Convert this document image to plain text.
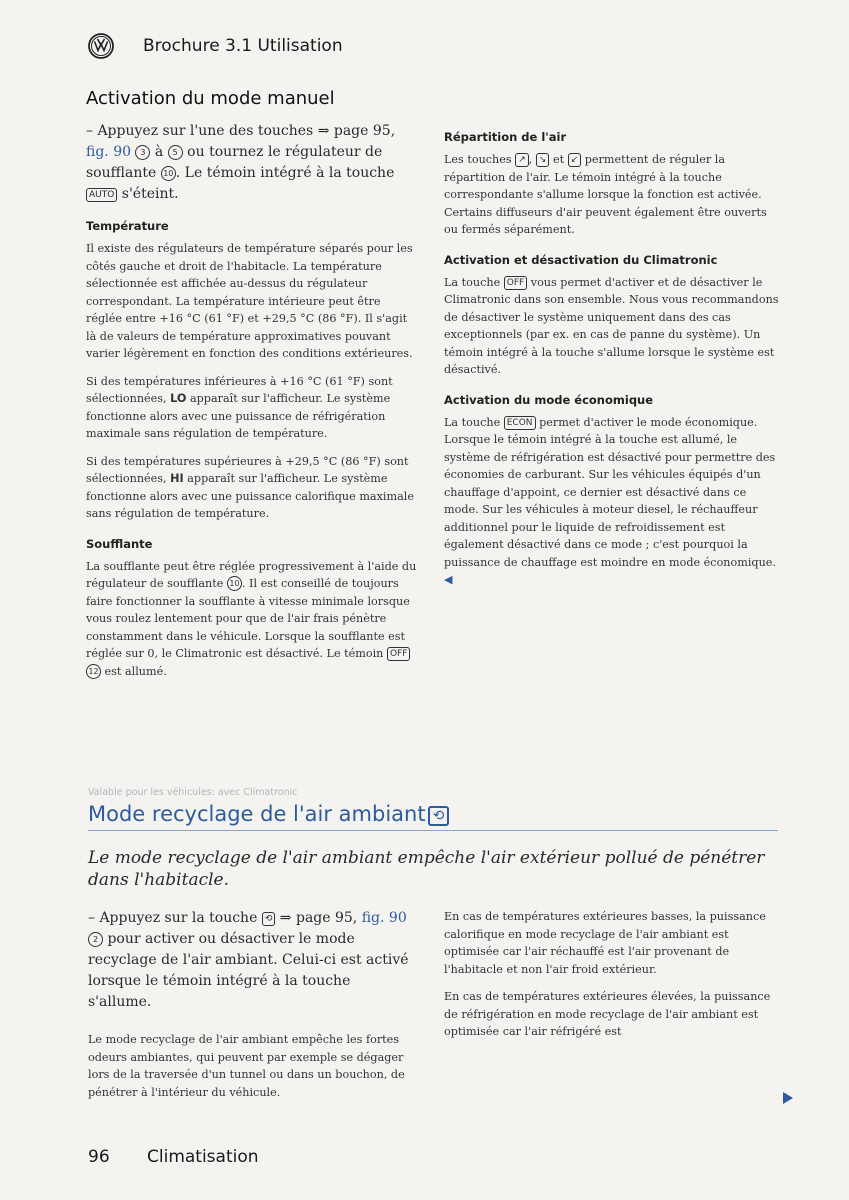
Brochure 3.1 Utilisation
Activation du mode manuel

– Appuyez sur l'une des touches ⇒ page 95, fig. 90 3 à 5 ou tournez le régulateur de soufflante 10 . Le témoin intégré à la touche AUTO s'éteint.

Température

Il existe des régulateurs de température séparés pour les côtés gauche et droit de l'habitacle. La température sélectionnée est affichée au-dessus du régulateur correspondant. La température intérieure peut être réglée entre +16 °C (61 °F) et +29,5 °C (86 °F). Il s'agit là de valeurs de température approximatives pouvant varier légèrement en fonction des conditions extérieures.

Si des températures inférieures à +16 °C (61 °F) sont sélectionnées, LO apparaît sur l'afficheur. Le système fonctionne alors avec une puissance de réfrigération maximale sans régulation de température.

Si des températures supérieures à +29,5 °C (86 °F) sont sélectionnées, HI apparaît sur l'afficheur. Le système fonctionne alors avec une puissance calorifique maximale sans régulation de température.

Soufflante

La soufflante peut être réglée progressivement à l'aide du régulateur de soufflante 10 . Il est conseillé de toujours faire fonctionner la soufflante à vitesse minimale lorsque vous roulez lentement pour que de l'air frais pénètre constamment dans le véhicule. Lorsque la soufflante est réglée sur 0, le Climatronic est désactivé. Le témoin OFF12 est allumé.

Répartition de l'air

Les touches ↗ , ↘ et ↙ permettent de réguler la répartition de l'air. Le témoin intégré à la touche correspondante s'allume lorsque la fonction est activée. Certains diffuseurs d'air peuvent également être ouverts ou fermés séparément.

Activation et désactivation du Climatronic

La touche OFF vous permet d'activer et de désactiver le Climatronic dans son ensemble. Nous vous recommandons de désactiver le système uniquement dans des cas exceptionnels (par ex. en cas de panne du système). Un témoin intégré à la touche s'allume lorsque le système est désactivé.

Activation du mode économique

La touche ECON permet d'activer le mode économique. Lorsque le témoin intégré à la touche est allumé, le système de réfrigération est désactivé pour permettre des économies de carburant. Sur les véhicules équipés d'un chauffage d'appoint, ce dernier est désactivé dans ce mode. Sur les véhicules à moteur diesel, le réchauffeur additionnel pour le liquide de refroidissement est également désactivé dans ce mode ; c'est pourquoi la puissance de chauffage est moindre en mode économique. ◀

Valable pour les véhicules: avec Climatronic
Mode recyclage de l'air ambiant ⟲
Le mode recyclage de l'air ambiant empêche l'air extérieur pollué de pénétrer dans l'habitacle.

– Appuyez sur la touche ⟲ ⇒ page 95, fig. 90 2 pour activer ou désactiver le mode recyclage de l'air ambiant. Celui-ci est activé lorsque le témoin intégré à la touche s'allume.

Le mode recyclage de l'air ambiant empêche les fortes odeurs ambiantes, qui peuvent par exemple se dégager lors de la traversée d'un tunnel ou dans un bouchon, de pénétrer à l'intérieur du véhicule.

En cas de températures extérieures basses, la puissance calorifique en mode recyclage de l'air ambiant est optimisée car l'air réchauffé est l'air provenant de l'habitacle et non l'air froid extérieur.

En cas de températures extérieures élevées, la puissance de réfrigération en mode recyclage de l'air ambiant est optimisée car l'air réfrigéré est

96 Climatisation
